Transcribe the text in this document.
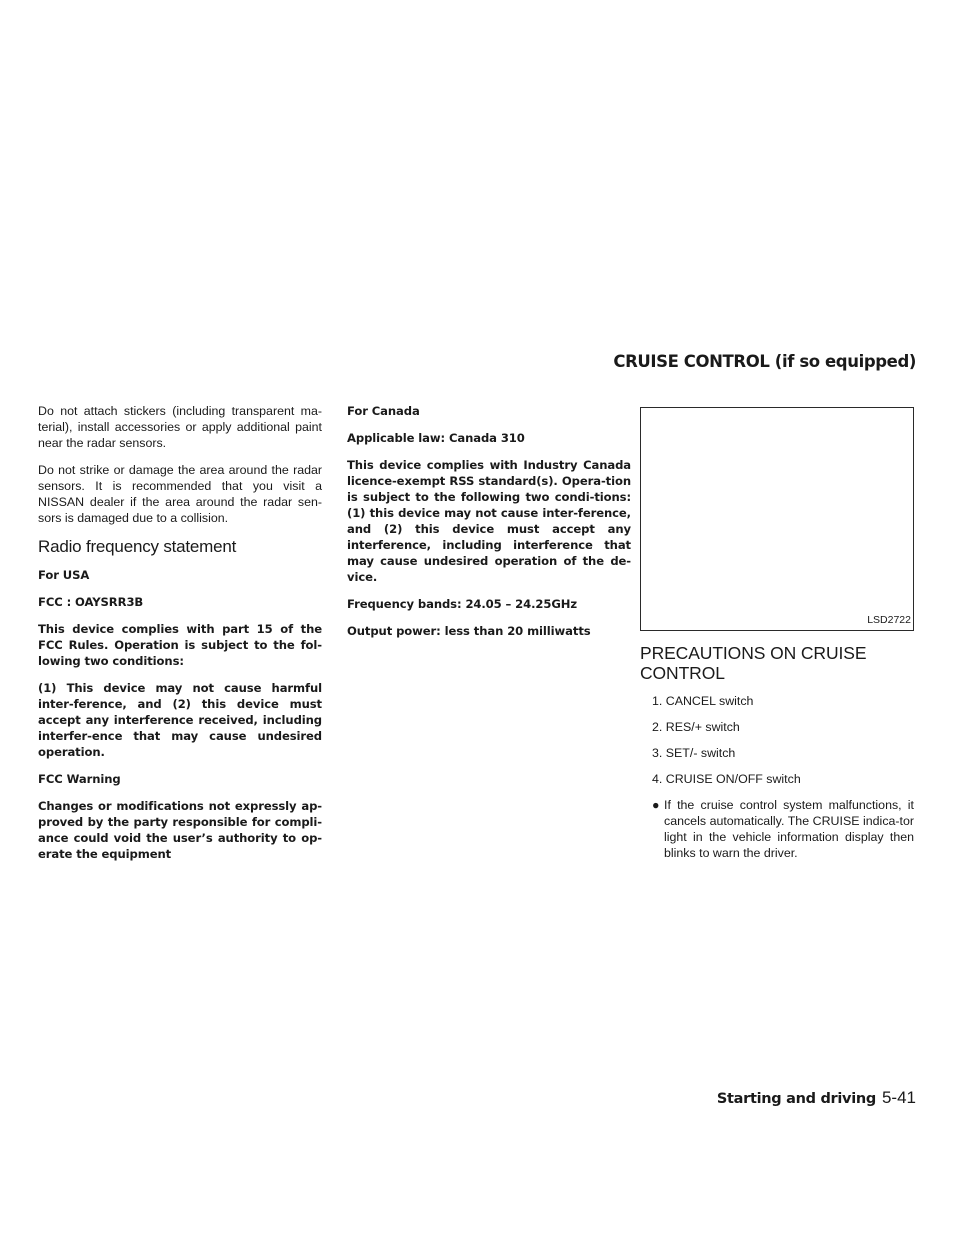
CRUISE CONTROL (if so equipped)

Do not attach stickers (including transparent ma-terial), install accessories or apply additional paint near the radar sensors.

Do not strike or damage the area around the radar sensors. It is recommended that you visit a NISSAN dealer if the area around the radar sen-sors is damaged due to a collision.

Radio frequency statement

For USA

FCC : OAYSRR3B

This device complies with part 15 of the FCC Rules. Operation is subject to the fol-lowing two conditions:

(1) This device may not cause harmful inter-ference, and (2) this device must accept any interference received, including interfer-ence that may cause undesired operation.

FCC Warning

Changes or modifications not expressly ap-proved by the party responsible for compli-ance could void the user’s authority to op-erate the equipment

For Canada

Applicable law: Canada 310

This device complies with Industry Canada licence-exempt RSS standard(s). Opera-tion is subject to the following two condi-tions: (1) this device may not cause inter-ference, and (2) this device must accept any interference, including interference that may cause undesired operation of the de-vice.

Frequency bands: 24.05 – 24.25GHz

Output power: less than 20 milliwatts

LSD2722
PRECAUTIONS ON CRUISE CONTROL
1. CANCEL switch
2. RES/+ switch
3. SET/- switch
4. CRUISE ON/OFF switch
● If the cruise control system malfunctions, it cancels automatically. The CRUISE indica-tor light in the vehicle information display then blinks to warn the driver.
Starting and driving 5-41
